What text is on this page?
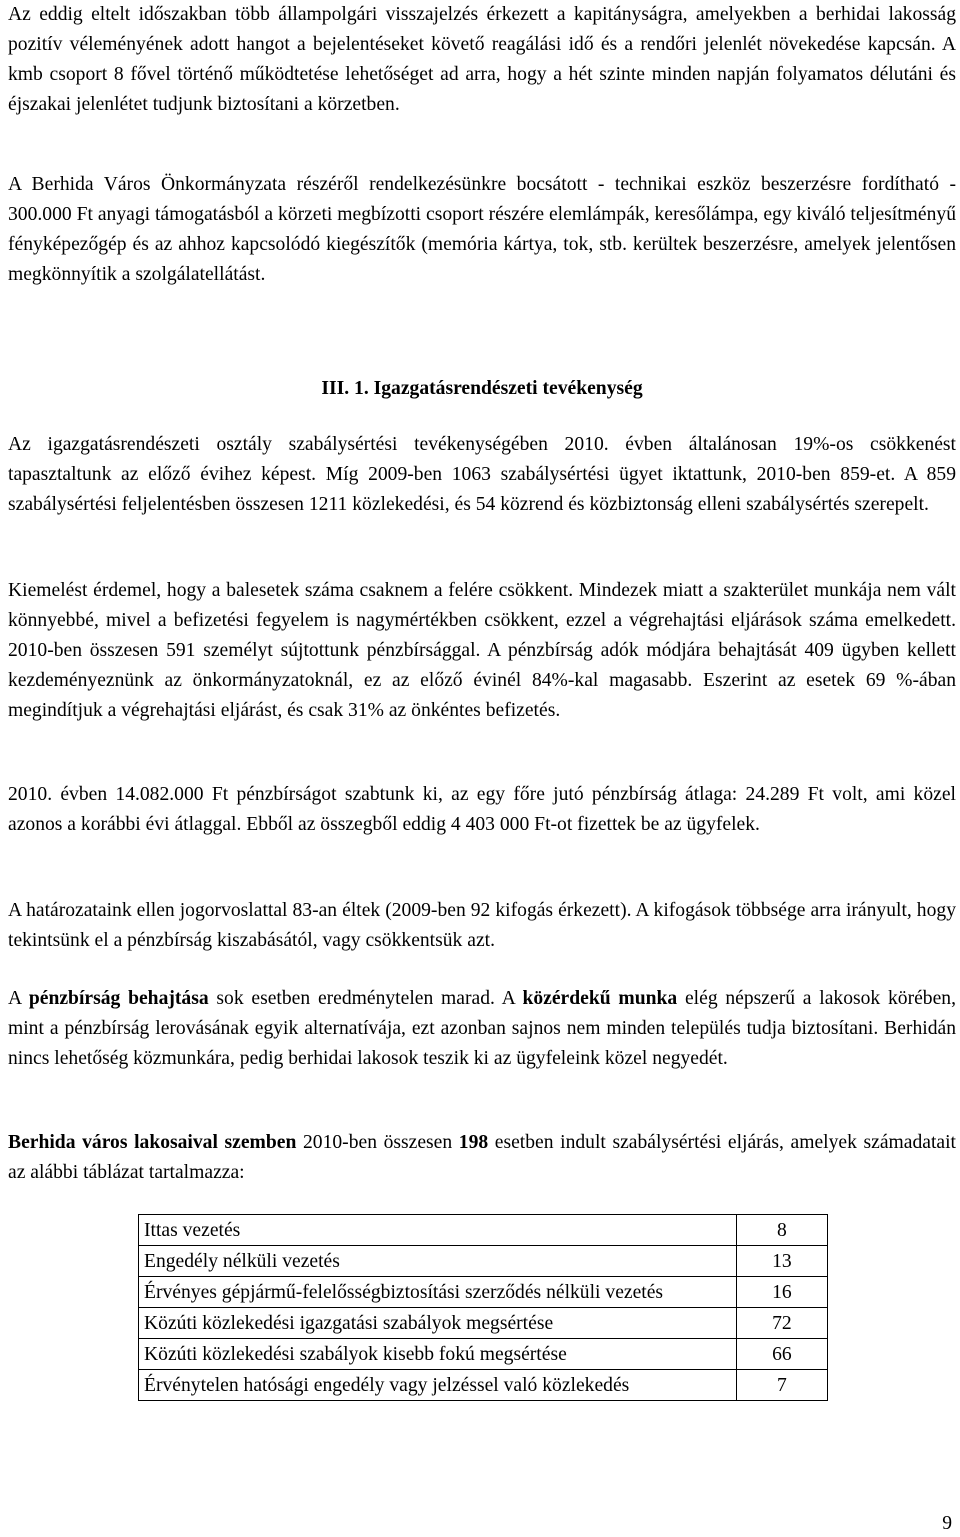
Az eddig eltelt időszakban több állampolgári visszajelzés érkezett a kapitányságra, amelyekben a berhidai lakosság pozitív véleményének adott hangot a bejelentéseket követő reagálási idő és a rendőri jelenlét növekedése kapcsán. A kmb csoport 8 fővel történő működtetése lehetőséget ad arra, hogy a hét szinte minden napján folyamatos délutáni és éjszakai jelenlétet tudjunk biztosítani a körzetben.

A Berhida Város Önkormányzata részéről rendelkezésünkre bocsátott - technikai eszköz beszerzésre fordítható - 300.000 Ft anyagi támogatásból a körzeti megbízotti csoport részére elemlámpák, keresőlámpa, egy kiváló teljesítményű fényképezőgép és az ahhoz kapcsolódó kiegészítők (memória kártya, tok, stb. kerültek beszerzésre, amelyek jelentősen megkönnyítik a szolgálatellátást.

III. 1. Igazgatásrendészeti tevékenység

Az igazgatásrendészeti osztály szabálysértési tevékenységében 2010. évben általánosan 19%-os csökkenést tapasztaltunk az előző évihez képest. Míg 2009-ben 1063 szabálysértési ügyet iktattunk, 2010-ben 859-et. A 859 szabálysértési feljelentésben összesen 1211 közlekedési, és 54 közrend és közbiztonság elleni szabálysértés szerepelt.

Kiemelést érdemel, hogy a balesetek száma csaknem a felére csökkent. Mindezek miatt a szakterület munkája nem vált könnyebbé, mivel a befizetési fegyelem is nagymértékben csökkent, ezzel a végrehajtási eljárások száma emelkedett. 2010-ben összesen 591 személyt sújtottunk pénzbírsággal. A pénzbírság adók módjára behajtását 409 ügyben kellett kezdeményeznünk az önkormányzatoknál, ez az előző évinél 84%-kal magasabb. Eszerint az esetek 69 %-ában megindítjuk a végrehajtási eljárást, és csak 31% az önkéntes befizetés.

2010. évben 14.082.000 Ft pénzbírságot szabtunk ki, az egy főre jutó pénzbírság átlaga: 24.289 Ft volt, ami közel azonos a korábbi évi átlaggal. Ebből az összegből eddig 4 403 000 Ft-ot fizettek be az ügyfelek.

A határozataink ellen jogorvoslattal 83-an éltek (2009-ben 92 kifogás érkezett). A kifogások többsége arra irányult, hogy tekintsünk el a pénzbírság kiszabásától, vagy csökkentsük azt.

A pénzbírság behajtása sok esetben eredménytelen marad. A közérdekű munka elég népszerű a lakosok körében, mint a pénzbírság lerovásának egyik alternatívája, ezt azonban sajnos nem minden település tudja biztosítani. Berhidán nincs lehetőség közmunkára, pedig berhidai lakosok teszik ki az ügyfeleink közel negyedét.

Berhida város lakosaival szemben 2010-ben összesen 198 esetben indult szabálysértési eljárás, amelyek számadatait az alábbi táblázat tartalmazza:

Ittas vezetés	8
Engedély nélküli vezetés	13
Érvényes gépjármű-felelősségbiztosítási szerződés nélküli vezetés	16
Közúti közlekedési igazgatási szabályok megsértése	72
Közúti közlekedési szabályok kisebb fokú megsértése	66
Érvénytelen hatósági engedély vagy jelzéssel való közlekedés	7
9
